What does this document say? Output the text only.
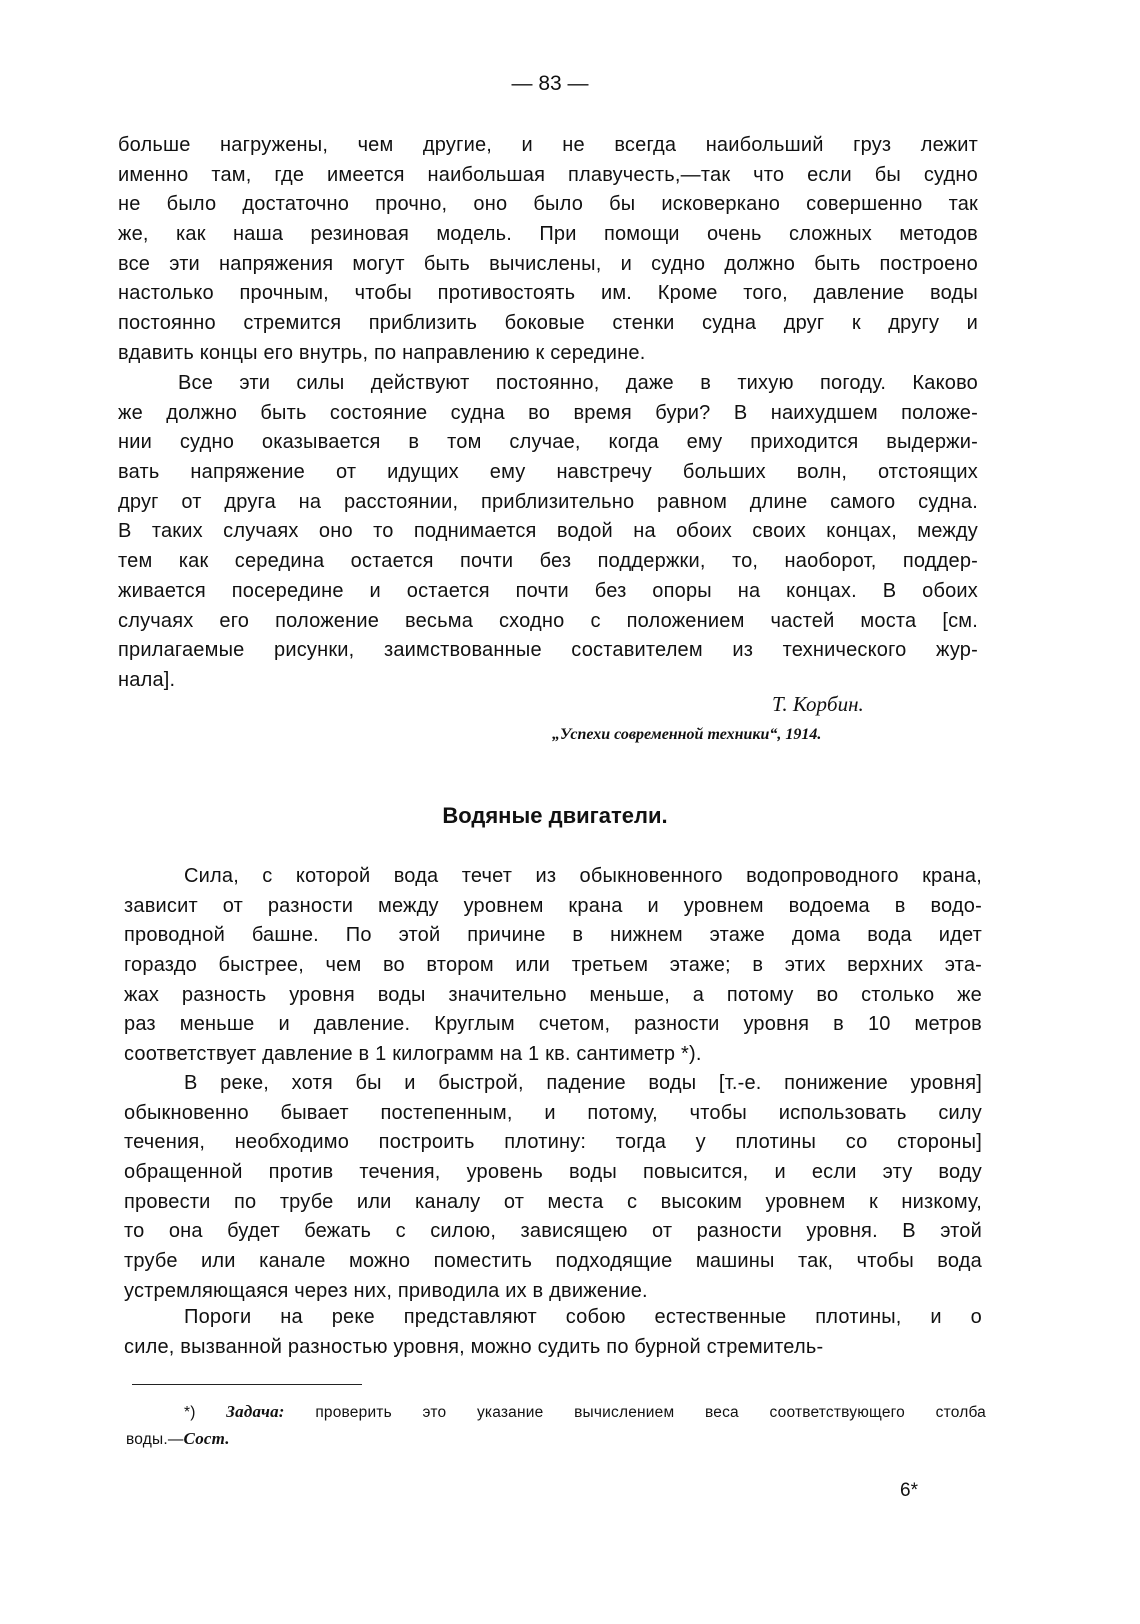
— 83 —
больше нагружены, чем другие, и не всегда наибольший груз лежит
именно там, где имеется наибольшая плавучесть,—так что если бы судно
не было достаточно прочно, оно было бы исковеркано совершенно так
же, как наша резиновая модель. При помощи очень сложных методов
все эти напряжения могут быть вычислены, и судно должно быть построено
настолько прочным, чтобы противостоять им. Кроме того, давление воды
постоянно стремится приблизить боковые стенки судна друг к другу и
вдавить концы его внутрь, по направлению к середине.
Все эти силы действуют постоянно, даже в тихую погоду. Каково
же должно быть состояние судна во время бури? В наихудшем положе-
нии судно оказывается в том случае, когда ему приходится выдержи-
вать напряжение от идущих ему навстречу больших волн, отстоящих
друг от друга на расстоянии, приблизительно равном длине самого судна.
В таких случаях оно то поднимается водой на обоих своих концах, между
тем как середина остается почти без поддержки, то, наоборот, поддер-
живается посередине и остается почти без опоры на концах. В обоих
случаях его положение весьма сходно с положением частей моста [см.
прилагаемые рисунки, заимствованные составителем из технического жур-
нала].
Т. Корбин.
„Успехи современной техники“, 1914.
Водяные двигатели.
Сила, с которой вода течет из обыкновенного водопроводного крана,
зависит от разности между уровнем крана и уровнем водоема в водо-
проводной башне. По этой причине в нижнем этаже дома вода идет
гораздо быстрее, чем во втором или третьем этаже; в этих верхних эта-
жах разность уровня воды значительно меньше, а потому во столько же
раз меньше и давление. Круглым счетом, разности уровня в 10 метров
соответствует давление в 1 килограмм на 1 кв. сантиметр *).
В реке, хотя бы и быстрой, падение воды [т.-е. понижение уровня]
обыкновенно бывает постепенным, и потому, чтобы использовать силу
течения, необходимо построить плотину: тогда у плотины со стороны]
обращенной против течения, уровень воды повысится, и если эту воду
провести по трубе или каналу от места с высоким уровнем к низкому,
то она будет бежать с силою, зависящею от разности уровня. В этой
трубе или канале можно поместить подходящие машины так, чтобы вода
устремляющаяся через них, приводила их в движение.
Пороги на реке представляют собою естественные плотины, и о
силе, вызванной разностью уровня, можно судить по бурной стремитель-
*) Задача: проверить это указание вычислением веса соответствующего столба
воды.—Сост.
6*
